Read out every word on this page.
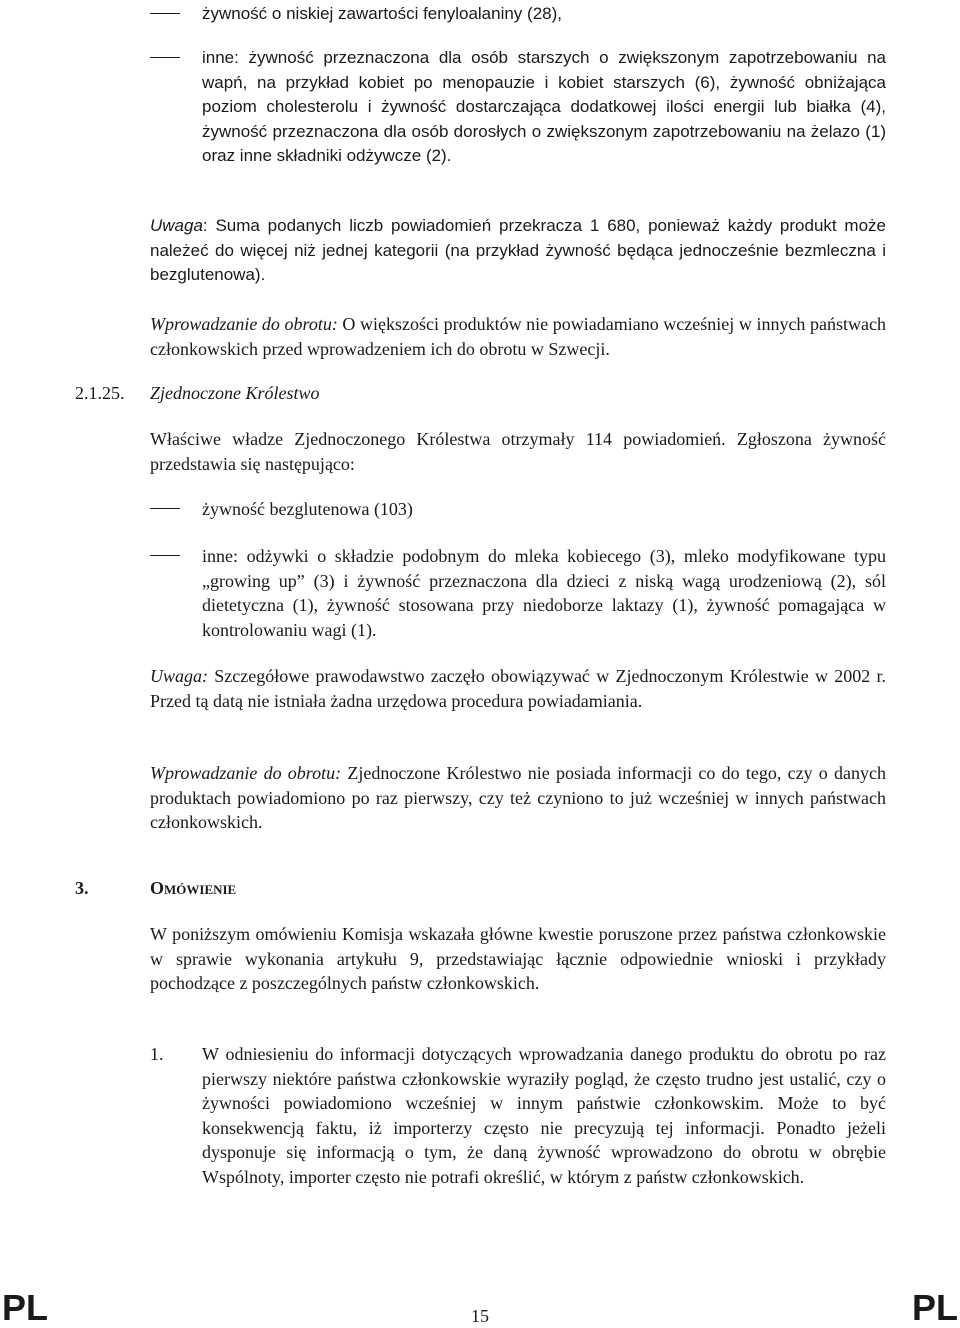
żywność o niskiej zawartości fenyloalaniny (28),
inne: żywność przeznaczona dla osób starszych o zwiększonym zapotrzebowaniu na wapń, na przykład kobiet po menopauzie i kobiet starszych (6), żywność obniżająca poziom cholesterolu i żywność dostarczająca dodatkowej ilości energii lub białka (4), żywność przeznaczona dla osób dorosłych o zwiększonym zapotrzebowaniu na żelazo (1) oraz inne składniki odżywcze (2).
Uwaga: Suma podanych liczb powiadomień przekracza 1 680, ponieważ każdy produkt może należeć do więcej niż jednej kategorii (na przykład żywność będąca jednocześnie bezmleczna i bezglutenowa).
Wprowadzanie do obrotu: O większości produktów nie powiadamiano wcześniej w innych państwach członkowskich przed wprowadzeniem ich do obrotu w Szwecji.
2.1.25. Zjednoczone Królestwo
Właściwe władze Zjednoczonego Królestwa otrzymały 114 powiadomień. Zgłoszona żywność przedstawia się następująco:
żywność bezglutenowa (103)
inne: odżywki o składzie podobnym do mleka kobiecego (3), mleko modyfikowane typu „growing up” (3) i żywność przeznaczona dla dzieci z niską wagą urodzeniową (2), sól dietetyczna (1), żywność stosowana przy niedoborze laktazy (1), żywność pomagająca w kontrolowaniu wagi (1).
Uwaga: Szczegółowe prawodawstwo zaczęło obowiązywać w Zjednoczonym Królestwie w 2002 r. Przed tą datą nie istniała żadna urzędowa procedura powiadamiania.
Wprowadzanie do obrotu: Zjednoczone Królestwo nie posiada informacji co do tego, czy o danych produktach powiadomiono po raz pierwszy, czy też czyniono to już wcześniej w innych państwach członkowskich.
3.	Omówienie
W poniższym omówieniu Komisja wskazała główne kwestie poruszone przez państwa członkowskie w sprawie wykonania artykułu 9, przedstawiając łącznie odpowiednie wnioski i przykłady pochodzące z poszczególnych państw członkowskich.
1. W odniesieniu do informacji dotyczących wprowadzania danego produktu do obrotu po raz pierwszy niektóre państwa członkowskie wyraziły pogląd, że często trudno jest ustalić, czy o żywności powiadomiono wcześniej w innym państwie członkowskim. Może to być konsekwencją faktu, iż importerzy często nie precyzują tej informacji. Ponadto jeżeli dysponuje się informacją o tym, że daną żywność wprowadzono do obrotu w obrębie Wspólnoty, importer często nie potrafi określić, w którym z państw członkowskich.
PL	15	PL
